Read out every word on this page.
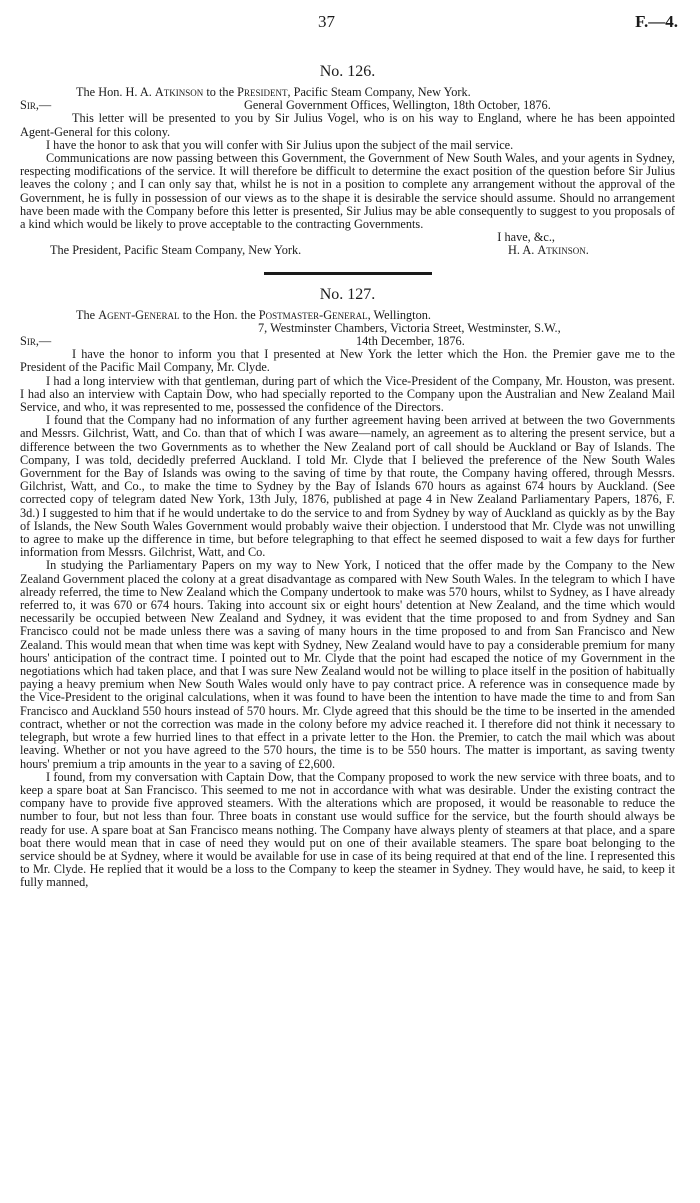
37	F.—4.
No. 126.
The Hon. H. A. Atkinson to the President, Pacific Steam Company, New York.
Sir,—	General Government Offices, Wellington, 18th October, 1876.

This letter will be presented to you by Sir Julius Vogel, who is on his way to England, where he has been appointed Agent-General for this colony.

I have the honor to ask that you will confer with Sir Julius upon the subject of the mail service.

Communications are now passing between this Government, the Government of New South Wales, and your agents in Sydney, respecting modifications of the service. It will therefore be difficult to determine the exact position of the question before Sir Julius leaves the colony ; and I can only say that, whilst he is not in a position to complete any arrangement without the approval of the Government, he is fully in possession of our views as to the shape it is desirable the service should assume. Should no arrangement have been made with the Company before this letter is presented, Sir Julius may be able consequently to suggest to you proposals of a kind which would be likely to prove acceptable to the contracting Governments.

I have, &c.,

The President, Pacific Steam Company, New York.	H. A. Atkinson.
No. 127.
The Agent-General to the Hon. the Postmaster-General, Wellington.
7, Westminster Chambers, Victoria Street, Westminster, S.W.,
Sir,—	14th December, 1876.

I have the honor to inform you that I presented at New York the letter which the Hon. the Premier gave me to the President of the Pacific Mail Company, Mr. Clyde.

I had a long interview with that gentleman, during part of which the Vice-President of the Company, Mr. Houston, was present. I had also an interview with Captain Dow, who had specially reported to the Company upon the Australian and New Zealand Mail Service, and who, it was represented to me, possessed the confidence of the Directors.

I found that the Company had no information of any further agreement having been arrived at between the two Governments and Messrs. Gilchrist, Watt, and Co. than that of which I was aware—namely, an agreement as to altering the present service, but a difference between the two Governments as to whether the New Zealand port of call should be Auckland or Bay of Islands. The Company, I was told, decidedly preferred Auckland. I told Mr. Clyde that I believed the preference of the New South Wales Government for the Bay of Islands was owing to the saving of time by that route, the Company having offered, through Messrs. Gilchrist, Watt, and Co., to make the time to Sydney by the Bay of Islands 670 hours as against 674 hours by Auckland. (See corrected copy of telegram dated New York, 13th July, 1876, published at page 4 in New Zealand Parliamentary Papers, 1876, F. 3d.) I suggested to him that if he would undertake to do the service to and from Sydney by way of Auckland as quickly as by the Bay of Islands, the New South Wales Government would probably waive their objection. I understood that Mr. Clyde was not unwilling to agree to make up the difference in time, but before telegraphing to that effect he seemed disposed to wait a few days for further information from Messrs. Gilchrist, Watt, and Co.

In studying the Parliamentary Papers on my way to New York, I noticed that the offer made by the Company to the New Zealand Government placed the colony at a great disadvantage as compared with New South Wales. In the telegram to which I have already referred, the time to New Zealand which the Company undertook to make was 570 hours, whilst to Sydney, as I have already referred to, it was 670 or 674 hours. Taking into account six or eight hours' detention at New Zealand, and the time which would necessarily be occupied between New Zealand and Sydney, it was evident that the time proposed to and from Sydney and San Francisco could not be made unless there was a saving of many hours in the time proposed to and from San Francisco and New Zealand. This would mean that when time was kept with Sydney, New Zealand would have to pay a considerable premium for many hours' anticipation of the contract time. I pointed out to Mr. Clyde that the point had escaped the notice of my Government in the negotiations which had taken place, and that I was sure New Zealand would not be willing to place itself in the position of habitually paying a heavy premium when New South Wales would only have to pay contract price. A reference was in consequence made by the Vice-President to the original calculations, when it was found to have been the intention to have made the time to and from San Francisco and Auckland 550 hours instead of 570 hours. Mr. Clyde agreed that this should be the time to be inserted in the amended contract, whether or not the correction was made in the colony before my advice reached it. I therefore did not think it necessary to telegraph, but wrote a few hurried lines to that effect in a private letter to the Hon. the Premier, to catch the mail which was about leaving. Whether or not you have agreed to the 570 hours, the time is to be 550 hours. The matter is important, as saving twenty hours' premium a trip amounts in the year to a saving of £2,600.

I found, from my conversation with Captain Dow, that the Company proposed to work the new service with three boats, and to keep a spare boat at San Francisco. This seemed to me not in accordance with what was desirable. Under the existing contract the company have to provide five approved steamers. With the alterations which are proposed, it would be reasonable to reduce the number to four, but not less than four. Three boats in constant use would suffice for the service, but the fourth should always be ready for use. A spare boat at San Francisco means nothing. The Company have always plenty of steamers at that place, and a spare boat there would mean that in case of need they would put on one of their available steamers. The spare boat belonging to the service should be at Sydney, where it would be available for use in case of its being required at that end of the line. I represented this to Mr. Clyde. He replied that it would be a loss to the Company to keep the steamer in Sydney. They would have, he said, to keep it fully manned,
